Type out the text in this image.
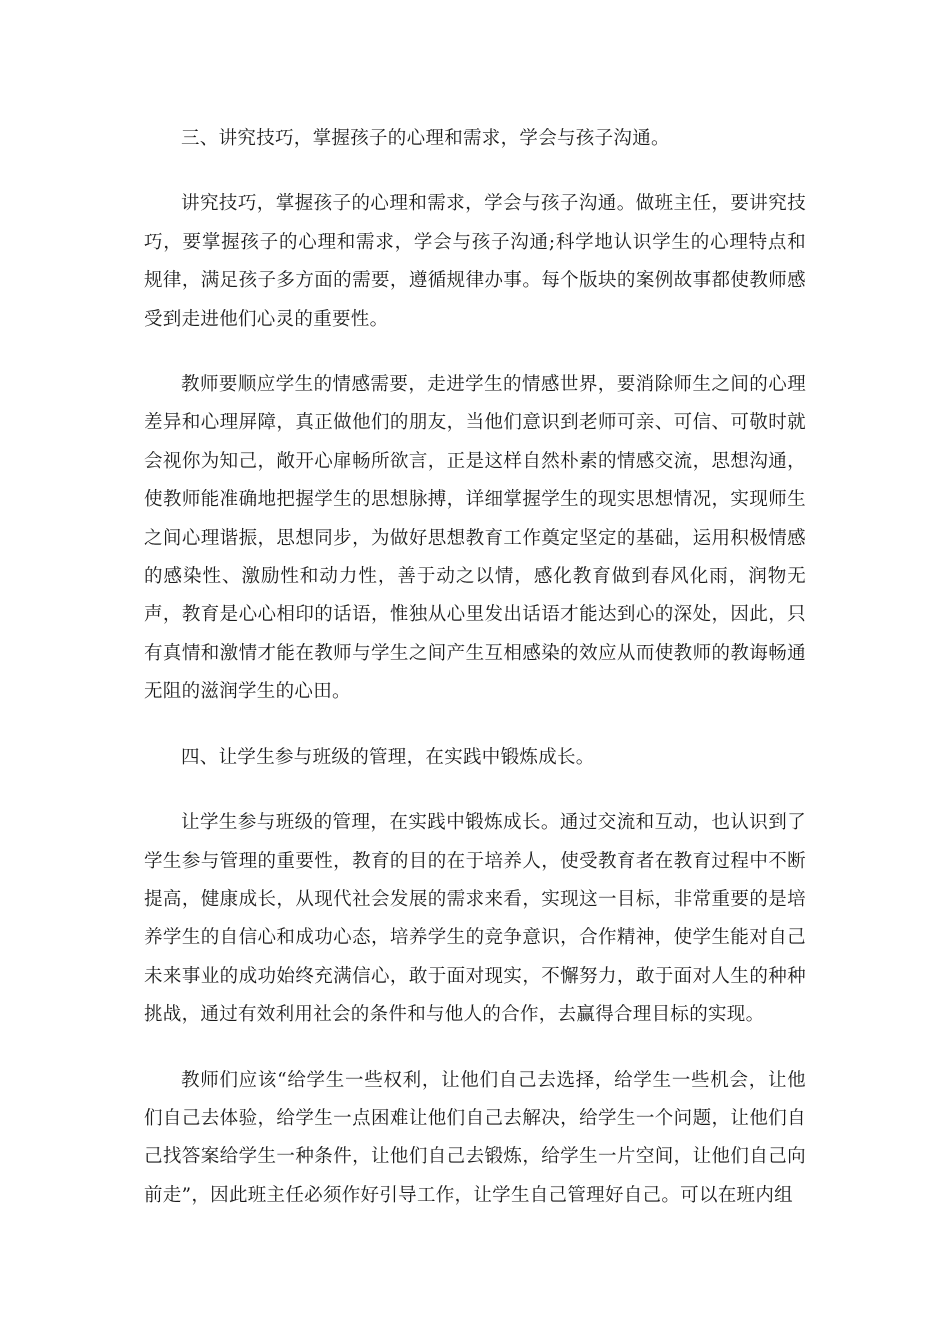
三、讲究技巧，掌握孩子的心理和需求，学会与孩子沟通。

讲究技巧，掌握孩子的心理和需求，学会与孩子沟通。做班主任，要讲究技巧，要掌握孩子的心理和需求，学会与孩子沟通;科学地认识学生的心理特点和规律，满足孩子多方面的需要，遵循规律办事。每个版块的案例故事都使教师感受到走进他们心灵的重要性。

教师要顺应学生的情感需要，走进学生的情感世界，要消除师生之间的心理差异和心理屏障，真正做他们的朋友，当他们意识到老师可亲、可信、可敬时就会视你为知己，敞开心扉畅所欲言，正是这样自然朴素的情感交流，思想沟通，使教师能准确地把握学生的思想脉搏，详细掌握学生的现实思想情况，实现师生之间心理谐振，思想同步，为做好思想教育工作奠定坚定的基础，运用积极情感的感染性、激励性和动力性，善于动之以情，感化教育做到春风化雨，润物无声，教育是心心相印的话语，惟独从心里发出话语才能达到心的深处，因此，只有真情和激情才能在教师与学生之间产生互相感染的效应从而使教师的教诲畅通无阻的滋润学生的心田。

四、让学生参与班级的管理，在实践中锻炼成长。

让学生参与班级的管理，在实践中锻炼成长。通过交流和互动，也认识到了学生参与管理的重要性，教育的目的在于培养人，使受教育者在教育过程中不断提高，健康成长，从现代社会发展的需求来看，实现这一目标，非常重要的是培养学生的自信心和成功心态，培养学生的竞争意识，合作精神，使学生能对自己未来事业的成功始终充满信心，敢于面对现实，不懈努力，敢于面对人生的种种挑战，通过有效利用社会的条件和与他人的合作，去赢得合理目标的实现。

教师们应该“给学生一些权利，让他们自己去选择，给学生一些机会，让他们自己去体验，给学生一点困难让他们自己去解决，给学生一个问题，让他们自己找答案给学生一种条件，让他们自己去锻炼，给学生一片空间，让他们自己向前走”，因此班主任必须作好引导工作，让学生自己管理好自己。可以在班内组
